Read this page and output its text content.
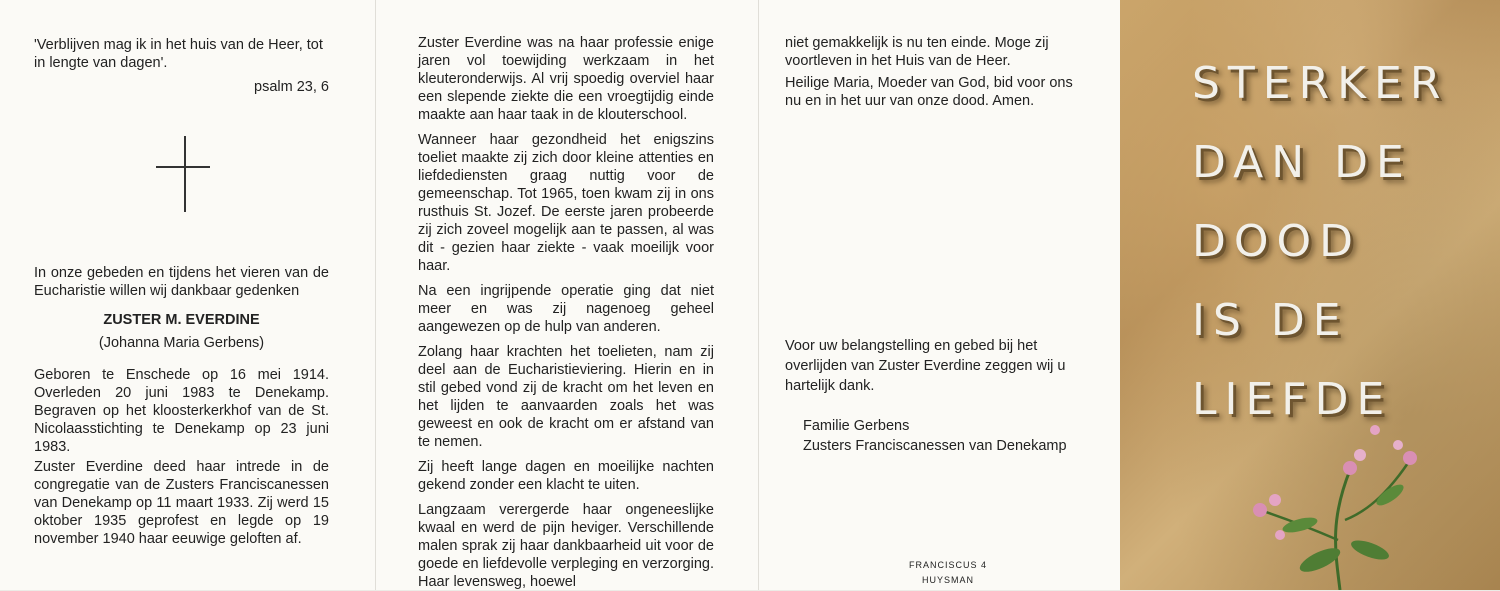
'Verblijven mag ik in het huis van de Heer, tot in lengte van dagen'.

psalm 23, 6

In onze gebeden en tijdens het vieren van de Eucharistie willen wij dankbaar gedenken

ZUSTER M. EVERDINE

(Johanna Maria Gerbens)

Geboren te Enschede op 16 mei 1914. Overleden 20 juni 1983 te Denekamp. Begraven op het kloosterkerkhof van de St. Nicolaasstichting te Denekamp op 23 juni 1983.

Zuster Everdine deed haar intrede in de congregatie van de Zusters Franciscanessen van Denekamp op 11 maart 1933. Zij werd 15 oktober 1935 geprofest en legde op 19 november 1940 haar eeuwige geloften af.

Zuster Everdine was na haar professie enige jaren vol toewijding werkzaam in het kleuteronderwijs. Al vrij spoedig overviel haar een slepende ziekte die een vroegtijdig einde maakte aan haar taak in de klouterschool.

Wanneer haar gezondheid het enigszins toeliet maakte zij zich door kleine attenties en liefdediensten graag nuttig voor de gemeenschap. Tot 1965, toen kwam zij in ons rusthuis St. Jozef. De eerste jaren probeerde zij zich zoveel mogelijk aan te passen, al was dit - gezien haar ziekte - vaak moeilijk voor haar.

Na een ingrijpende operatie ging dat niet meer en was zij nagenoeg geheel aangewezen op de hulp van anderen.

Zolang haar krachten het toelieten, nam zij deel aan de Eucharistieviering. Hierin en in stil gebed vond zij de kracht om het leven en het lijden te aanvaarden zoals het was geweest en ook de kracht om er afstand van te nemen.

Zij heeft lange dagen en moeilijke nachten gekend zonder een klacht te uiten.

Langzaam verergerde haar ongeneeslijke kwaal en werd de pijn heviger. Verschillende malen sprak zij haar dankbaarheid uit voor de goede en liefdevolle verpleging en verzorging. Haar levensweg, hoewel

niet gemakkelijk is nu ten einde. Moge zij voortleven in het Huis van de Heer.

Heilige Maria, Moeder van God, bid voor ons nu en in het uur van onze dood. Amen.

Voor uw belangstelling en gebed bij het overlijden van Zuster Everdine zeggen wij u hartelijk dank.

Familie Gerbens

Zusters Franciscanessen van Denekamp

FRANCISCUS 4
HUYSMAN
STERKER
DAN DE
DOOD
IS DE
LIEFDE
